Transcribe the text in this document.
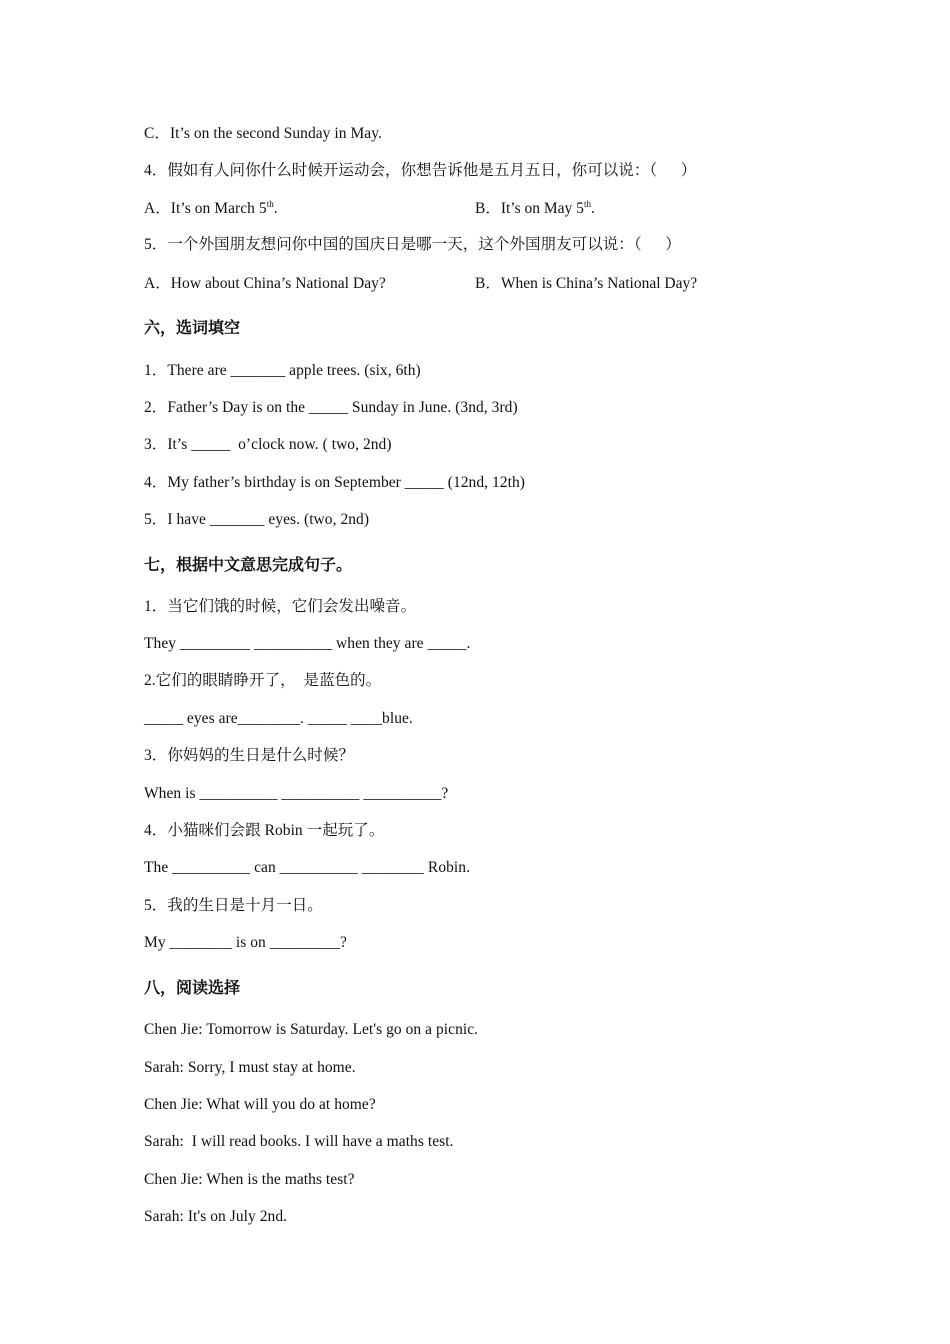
C．It’s on the second Sunday in May.
4．假如有人问你什么时候开运动会，你想告诉他是五月五日，你可以说：（      ）
A．It’s on March 5th.	B．It’s on May 5th.
5．一个外国朋友想问你中国的国庆日是哪一天，这个外国朋友可以说：（      ）
A．How about China’s National Day?	B．When is China’s National Day?
六，选词填空
1．There are _______ apple trees. (six, 6th)
2．Father’s Day is on the _____ Sunday in June. (3nd, 3rd)
3．It’s _____  o’clock now. ( two, 2nd)
4．My father’s birthday is on September _____ (12nd, 12th)
5．I have _______ eyes. (two, 2nd)
七，根据中文意思完成句子。
1．当它们饿的时候，它们会发出噪音。
They _________ __________ when they are _____.
2.它们的眼睛睁开了，  是蓝色的。
_____ eyes are________. _____ ____blue.
3．你妈妈的生日是什么时候？
When is __________ __________ __________?
4．小猫咪们会跟 Robin 一起玩了。
The __________ can __________ ________ Robin.
5．我的生日是十月一日。
My ________ is on _________?
八，阅读选择
Chen Jie: Tomorrow is Saturday. Let's go on a picnic.
Sarah: Sorry, I must stay at home.
Chen Jie: What will you do at home?
Sarah:  I will read books. I will have a maths test.
Chen Jie: When is the maths test?
Sarah: It's on July 2nd.
